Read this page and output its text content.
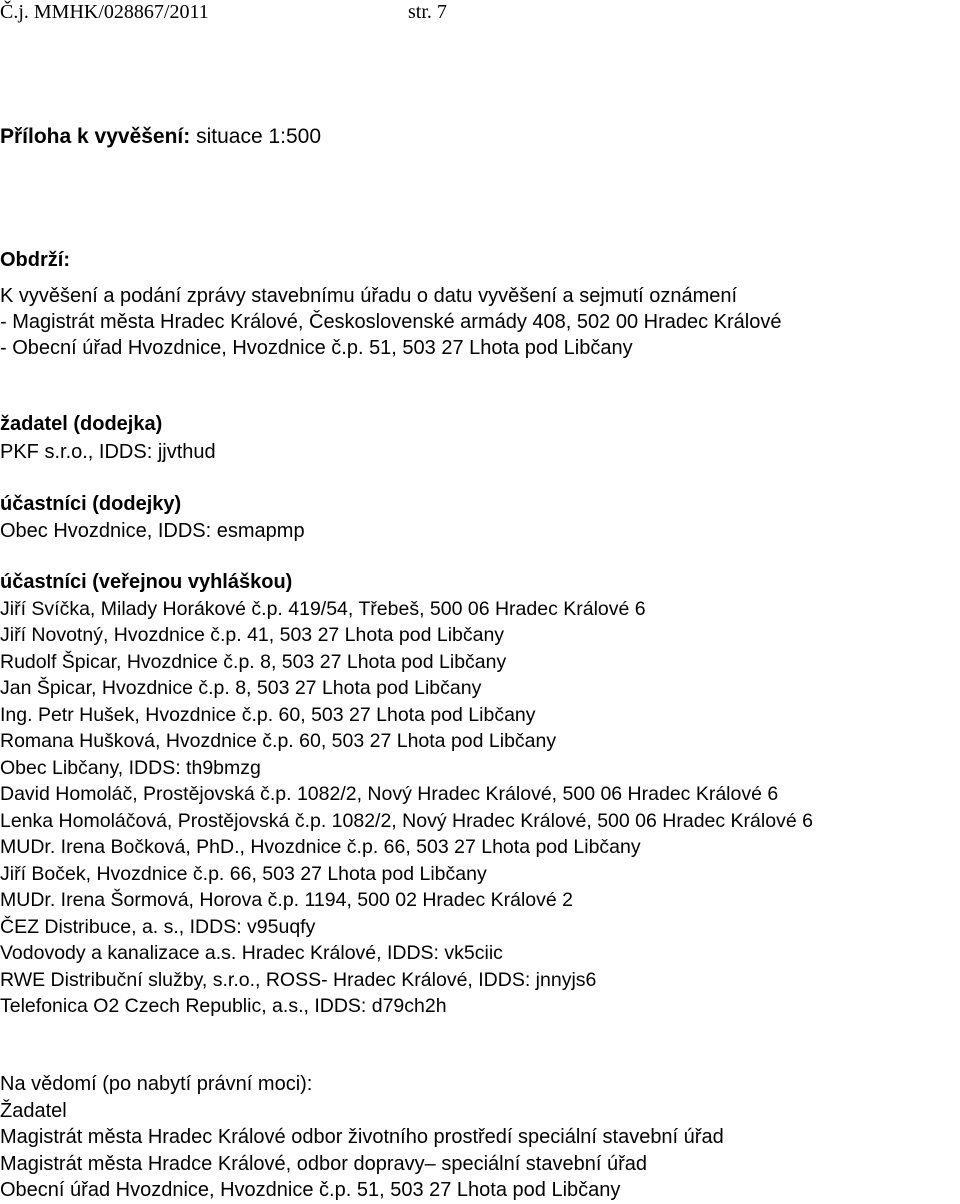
Č.j. MMHK/028867/2011	str. 7
Příloha k vyvěšení: situace 1:500
Obdrží:
K vyvěšení a podání zprávy stavebnímu úřadu o datu vyvěšení a sejmutí oznámení
- Magistrát města Hradec Králové, Československé armády 408, 502 00 Hradec Králové
- Obecní úřad Hvozdnice, Hvozdnice č.p. 51, 503 27 Lhota pod Libčany
žadatel (dodejka)
PKF s.r.o., IDDS: jjvthud
účastníci (dodejky)
Obec Hvozdnice, IDDS: esmapmp
účastníci (veřejnou vyhláškou)
Jiří Svíčka, Milady Horákové č.p. 419/54, Třebeš, 500 06 Hradec Králové 6
Jiří Novotný, Hvozdnice č.p. 41, 503 27 Lhota pod Libčany
Rudolf Špicar, Hvozdnice č.p. 8, 503 27 Lhota pod Libčany
Jan Špicar, Hvozdnice č.p. 8, 503 27 Lhota pod Libčany
Ing. Petr Hušek, Hvozdnice č.p. 60, 503 27 Lhota pod Libčany
Romana Hušková, Hvozdnice č.p. 60, 503 27 Lhota pod Libčany
Obec Libčany, IDDS: th9bmzg
David Homoláč, Prostějovská č.p. 1082/2, Nový Hradec Králové, 500 06 Hradec Králové 6
Lenka Homoláčová, Prostějovská č.p. 1082/2, Nový Hradec Králové, 500 06 Hradec Králové 6
MUDr. Irena Bočková, PhD., Hvozdnice č.p. 66, 503 27 Lhota pod Libčany
Jiří Boček, Hvozdnice č.p. 66, 503 27 Lhota pod Libčany
MUDr. Irena Šormová, Horova č.p. 1194, 500 02 Hradec Králové 2
ČEZ Distribuce, a. s., IDDS: v95uqfy
Vodovody a kanalizace a.s. Hradec Králové, IDDS: vk5ciic
RWE Distribuční služby, s.r.o., ROSS- Hradec Králové, IDDS: jnnyjs6
Telefonica O2 Czech Republic, a.s., IDDS: d79ch2h
Na vědomí (po nabytí právní moci):
Žadatel
Magistrát města Hradec Králové odbor životního prostředí speciální stavební úřad
Magistrát města Hradce Králové, odbor dopravy– speciální stavební úřad
Obecní úřad Hvozdnice, Hvozdnice č.p. 51, 503 27 Lhota pod Libčany
